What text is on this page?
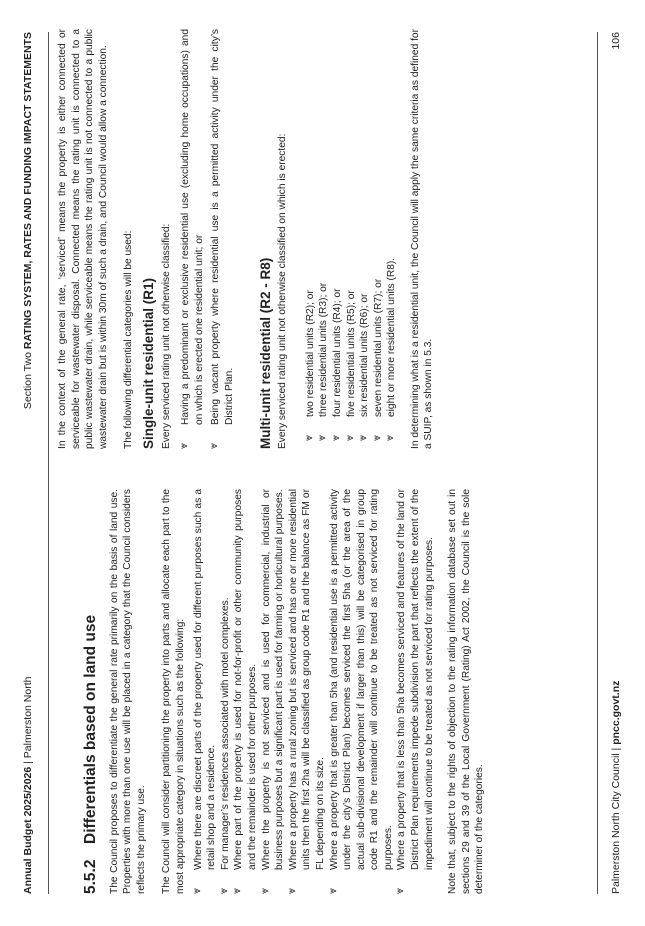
Annual Budget 2025/2026 | Palmerston North
Section Two RATING SYSTEM, RATES AND FUNDING IMPACT STATEMENTS
5.5.2Differentials based on land use The Council proposes to differentiate the general rate primarily on the basis of land use. Properties with more than one use will be placed in a category that the Council considers reflects the primary use. The Council will consider partitioning the property into parts and allocate each part to the most appropriate category in situations such as the following: ⩔
Where there are discreet parts of the property used for different purposes such as a retail shop and a residence.
⩔
For manager’s residences associated with motel complexes.
⩔
Where part of the property is used for not-for-profit or other community purposes and the remainder is used for other purposes.
⩔
Where the property is not serviced and is used for commercial, industrial or business purposes but a significant part is used for farming or horticultural purposes.
⩔
Where a property has a rural zoning but is serviced and has one or more residential units then the first 2ha will be classified as group code R1 and the balance as FM or FL depending on its size.
⩔
Where a property that is greater than 5ha (and residential use is a permitted activity under the city’s District Plan) becomes serviced the first 5ha (or the area of the actual sub-divisional development if larger than this) will be categorised in group code R1 and the remainder will continue to be treated as not serviced for rating purposes.
⩔
Where a property that is less than 5ha becomes serviced and features of the land or District Plan requirements impede subdivision the part that reflects the extent of the impediment will continue to be treated as not serviced for rating purposes. Note that, subject to the rights of objection to the rating information database set out in sections 29 and 39 of the Local Government (Rating) Act 2002, the Council is the sole determiner of the categories.

In the context of the general rate, ‘serviced’ means the property is either connected or serviceable for wastewater disposal. Connected means the rating unit is connected to a public wastewater drain, while serviceable means the rating unit is not connected to a public wastewater drain but is within 30m of such a drain, and Council would allow a connection. The following differential categories will be used: Single-unit residential (R1) Every serviced rating unit not otherwise classified: ⩔
Having a predominant or exclusive residential use (excluding home occupations) and on which is erected one residential unit; or
⩔
Being vacant property where residential use is a permitted activity under the city’s District Plan. Multi-unit residential (R2 - R8) Every serviced rating unit not otherwise classified on which is erected: ⩔
two residential units (R2); or
⩔
three residential units (R3); or
⩔
four residential units (R4); or
⩔
five residential units (R5); or
⩔
six residential units (R6); or
⩔
seven residential units (R7); or
⩔
eight or more residential units (R8). In determining what is a residential unit, the Council will apply the same criteria as defined for a SUIP, as shown in 5.3.

Palmerston North City Council | pncc.govt.nz
106
